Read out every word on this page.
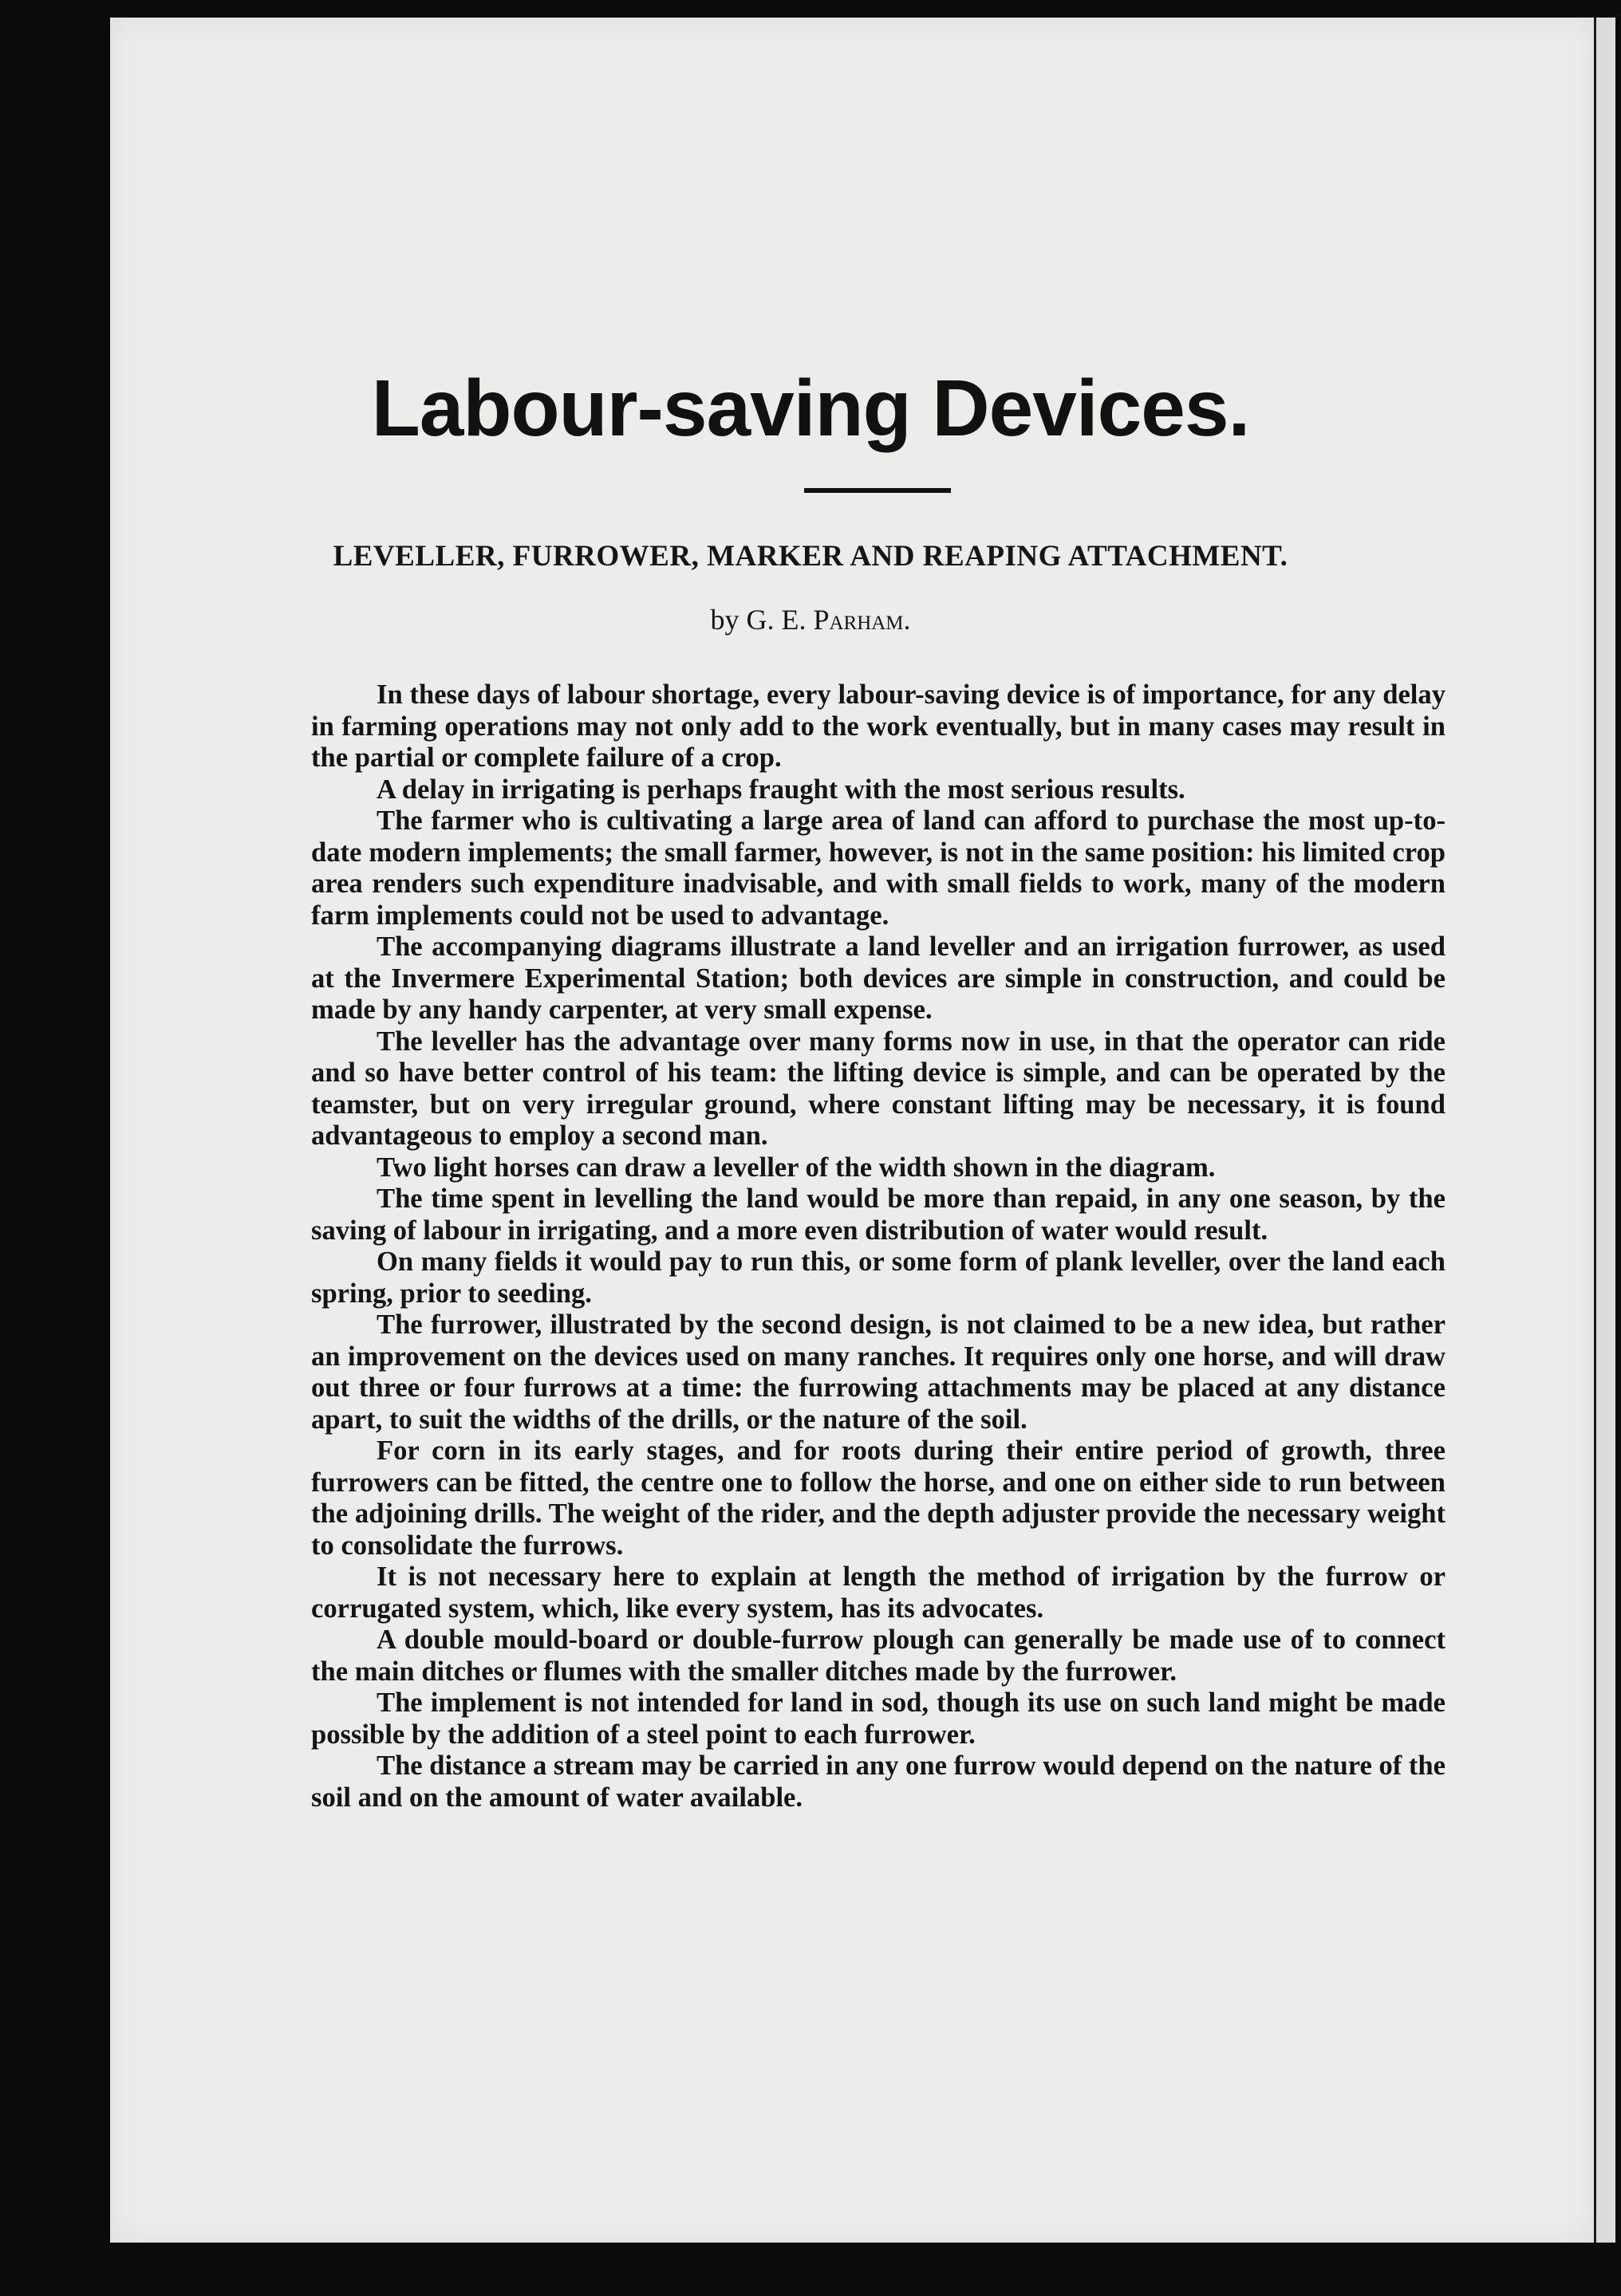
Labour-saving Devices.
LEVELLER, FURROWER, MARKER AND REAPING ATTACHMENT.

by G. E. Parham.

In these days of labour shortage, every labour-saving device is of importance, for any delay in farming operations may not only add to the work eventually, but in many cases may result in the partial or complete failure of a crop.

A delay in irrigating is perhaps fraught with the most serious results.

The farmer who is cultivating a large area of land can afford to purchase the most up-to-date modern implements; the small farmer, however, is not in the same position: his limited crop area renders such expenditure inadvisable, and with small fields to work, many of the modern farm implements could not be used to advantage.

The accompanying diagrams illustrate a land leveller and an irrigation furrower, as used at the Invermere Experimental Station; both devices are simple in construction, and could be made by any handy carpenter, at very small expense.

The leveller has the advantage over many forms now in use, in that the operator can ride and so have better control of his team: the lifting device is simple, and can be operated by the teamster, but on very irregular ground, where constant lifting may be necessary, it is found advantageous to employ a second man.

Two light horses can draw a leveller of the width shown in the diagram.

The time spent in levelling the land would be more than repaid, in any one season, by the saving of labour in irrigating, and a more even distribution of water would result.

On many fields it would pay to run this, or some form of plank leveller, over the land each spring, prior to seeding.

The furrower, illustrated by the second design, is not claimed to be a new idea, but rather an improvement on the devices used on many ranches. It requires only one horse, and will draw out three or four furrows at a time: the furrowing attachments may be placed at any distance apart, to suit the widths of the drills, or the nature of the soil.

For corn in its early stages, and for roots during their entire period of growth, three furrowers can be fitted, the centre one to follow the horse, and one on either side to run between the adjoining drills. The weight of the rider, and the depth adjuster provide the necessary weight to consolidate the furrows.

It is not necessary here to explain at length the method of irrigation by the furrow or corrugated system, which, like every system, has its advocates.

A double mould-board or double-furrow plough can generally be made use of to connect the main ditches or flumes with the smaller ditches made by the furrower.

The implement is not intended for land in sod, though its use on such land might be made possible by the addition of a steel point to each furrower.

The distance a stream may be carried in any one furrow would depend on the nature of the soil and on the amount of water available.
